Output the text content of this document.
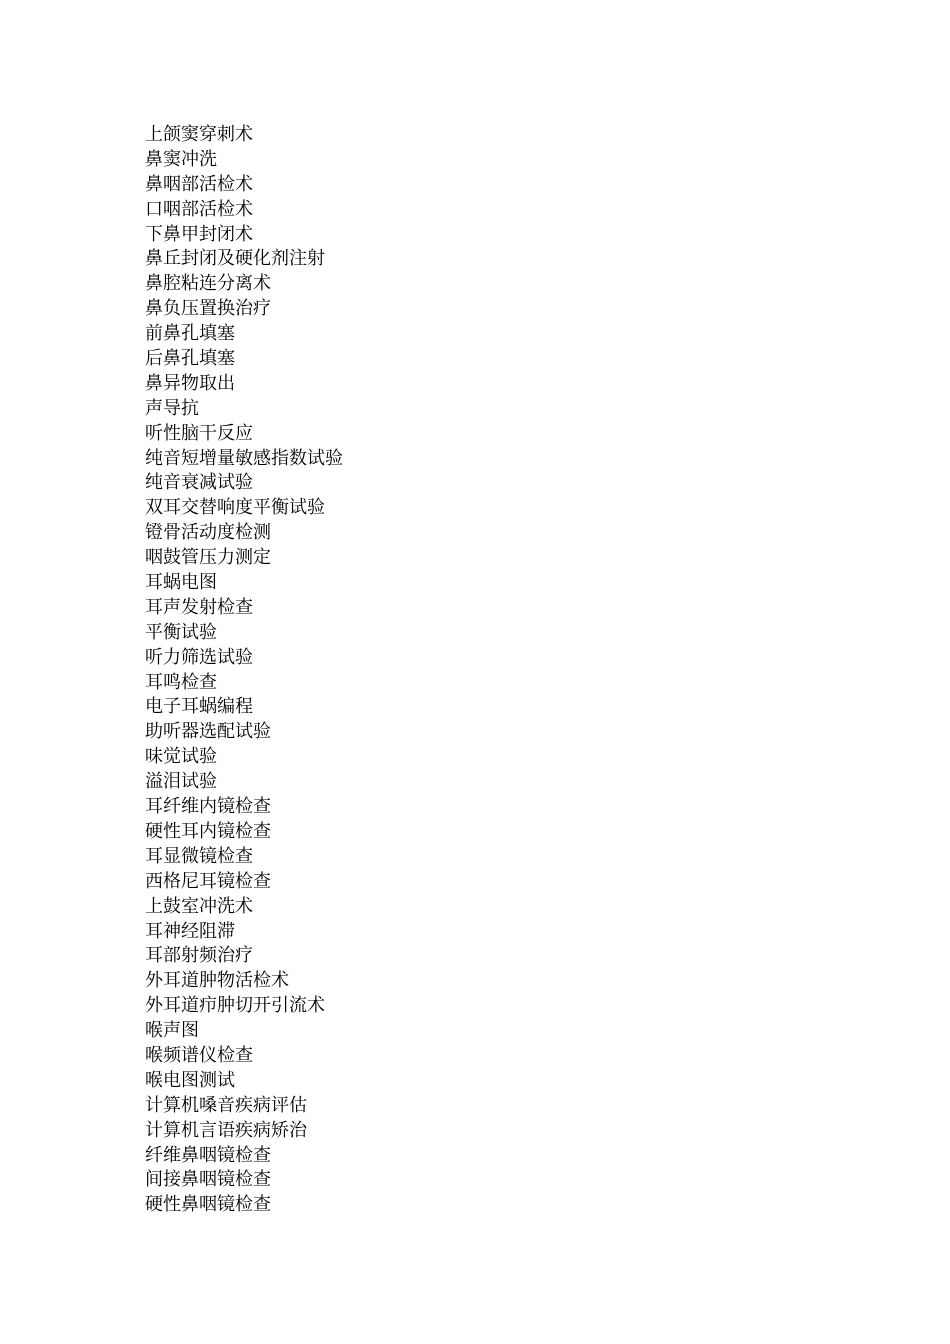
上颌窦穿刺术
鼻窦冲洗
鼻咽部活检术
口咽部活检术
下鼻甲封闭术
鼻丘封闭及硬化剂注射
鼻腔粘连分离术
鼻负压置换治疗
前鼻孔填塞
后鼻孔填塞
鼻异物取出
声导抗
听性脑干反应
纯音短增量敏感指数试验
纯音衰减试验
双耳交替响度平衡试验
镫骨活动度检测
咽鼓管压力测定
耳蜗电图
耳声发射检查
平衡试验
听力筛选试验
耳鸣检查
电子耳蜗编程
助听器选配试验
味觉试验
溢泪试验
耳纤维内镜检查
硬性耳内镜检查
耳显微镜检查
西格尼耳镜检查
上鼓室冲洗术
耳神经阻滞
耳部射频治疗
外耳道肿物活检术
外耳道疖肿切开引流术
喉声图
喉频谱仪检查
喉电图测试
计算机嗓音疾病评估
计算机言语疾病矫治
纤维鼻咽镜检查
间接鼻咽镜检查
硬性鼻咽镜检查
